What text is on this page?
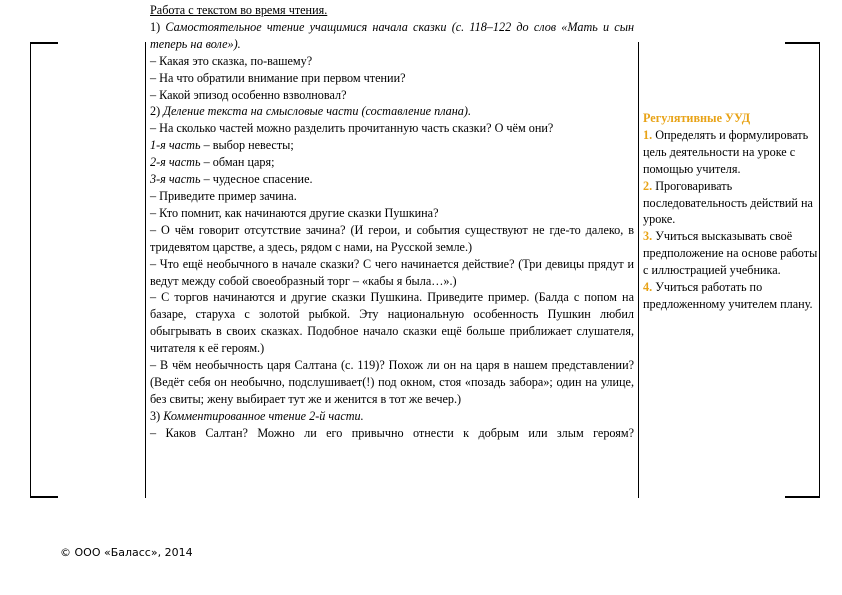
Работа с текстом во время чтения.

1) Самостоятельное чтение учащимися начала сказки (с. 118–122 до слов «Мать и сын теперь на воле»).

– Какая это сказка, по-вашему?

– На что обратили внимание при первом чтении?

– Какой эпизод особенно взволновал?

2) Деление текста на смысловые части (составление плана).

– На сколько частей можно разделить прочитанную часть сказки? О чём они?

1-я часть – выбор невесты;

2-я часть – обман царя;

3-я часть – чудесное спасение.

– Приведите пример зачина.

– Кто помнит, как начинаются другие сказки Пушкина?

– О чём говорит отсутствие зачина? (И герои, и события существуют не где-то далеко, в тридевятом царстве, а здесь, рядом с нами, на Русской земле.)

– Что ещё необычного в начале сказки? С чего начинается действие? (Три девицы прядут и ведут между собой своеобразный торг – «кабы я была…».)

– С торгов начинаются и другие сказки Пушкина. Приведите пример. (Балда с попом на базаре, старуха с золотой рыбкой. Эту национальную особенность Пушкин любил обыгрывать в своих сказках. Подобное начало сказки ещё больше приближает слушателя, читателя к её героям.)

– В чём необычность царя Салтана (с. 119)? Похож ли он на царя в нашем представлении? (Ведёт себя он необычно, подслушивает(!) под окном, стоя «позадь забора»; один на улице, без свиты; жену выбирает тут же и женится в тот же вечер.)

3) Комментированное чтение 2-й части.

– Каков Салтан? Можно ли его привычно отнести к добрым или злым героям?

Регулятивные УУД

1. Определять и формулировать цель деятельности на уроке с помощью учителя.

2. Проговаривать последовательность действий на уроке.

3. Учиться высказывать своё предположение на основе работы с иллюстрацией учебника.

4. Учиться работать по предложенному учителем плану.

© ООО «Баласс», 2014
